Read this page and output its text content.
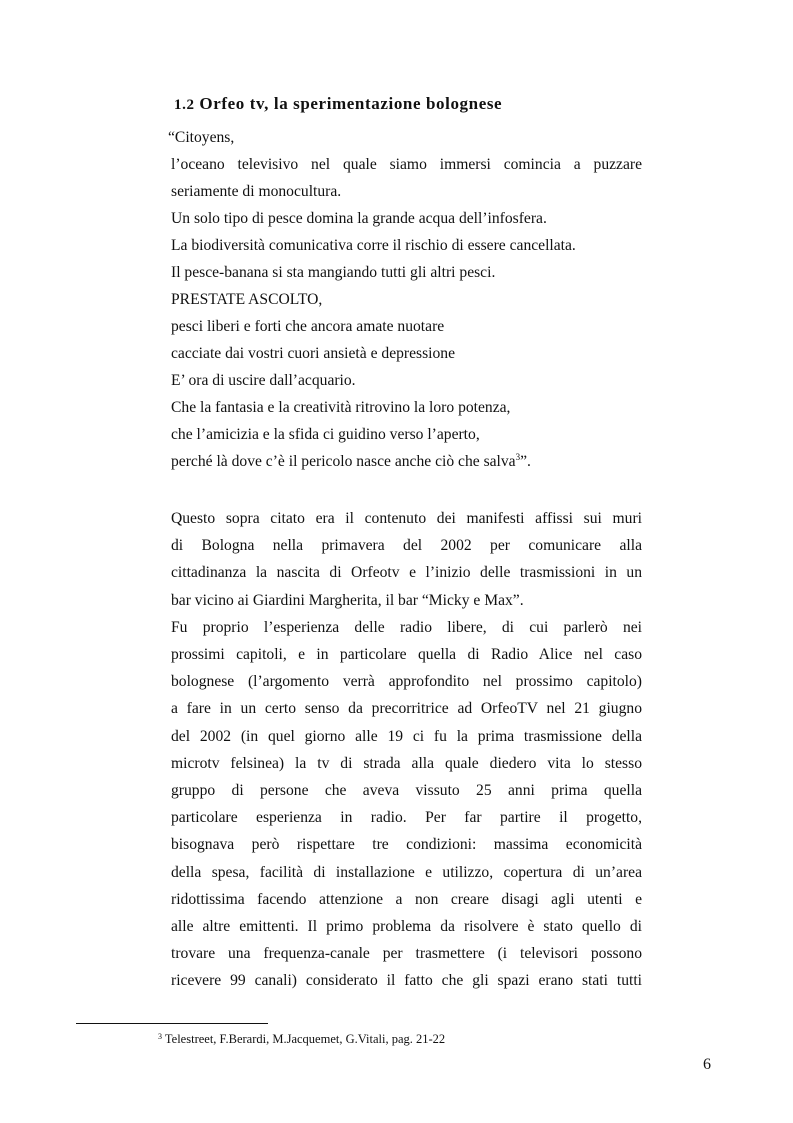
1.2 Orfeo tv, la sperimentazione bolognese
“Citoyens,
l’oceano televisivo nel quale siamo immersi comincia a puzzare
seriamente di monocultura.
Un solo tipo di pesce domina la grande acqua dell’infosfera.
La biodiversità comunicativa corre il rischio di essere cancellata.
Il pesce-banana si sta mangiando tutti gli altri pesci.
PRESTATE ASCOLTO,
pesci liberi e forti che ancora amate nuotare
cacciate dai vostri cuori ansietà e depressione
E’ ora di uscire dall’acquario.
Che la fantasia e la creatività ritrovino la loro potenza,
che l’amicizia e la sfida ci guidino verso l’aperto,
perché là dove c’è il pericolo nasce anche ciò che salva$^3$”.
Questo sopra citato era il contenuto dei manifesti affissi sui muri
di Bologna nella primavera del 2002 per comunicare alla
cittadinanza la nascita di Orfeotv e l’inizio delle trasmissioni in un
bar vicino ai Giardini Margherita, il bar “Micky e Max”.
Fu proprio l’esperienza delle radio libere, di cui parlerò nei
prossimi capitoli, e in particolare quella di Radio Alice nel caso
bolognese (l’argomento verrà approfondito nel prossimo capitolo)
a fare in un certo senso da precorritrice ad OrfeoTV nel 21 giugno
del 2002 (in quel giorno alle 19 ci fu la prima trasmissione della
microtv felsinea) la tv di strada alla quale diedero vita lo stesso
gruppo di persone che aveva vissuto 25 anni prima quella
particolare esperienza in radio. Per far partire il progetto,
bisognava però rispettare tre condizioni: massima economicità
della spesa, facilità di installazione e utilizzo, copertura di un’area
ridottissima facendo attenzione a non creare disagi agli utenti e
alle altre emittenti. Il primo problema da risolvere è stato quello di
trovare una frequenza-canale per trasmettere (i televisori possono
ricevere 99 canali) considerato il fatto che gli spazi erano stati tutti
$^3$ Telestreet, F.Berardi, M.Jacquemet, G.Vitali, pag. 21-22
6
